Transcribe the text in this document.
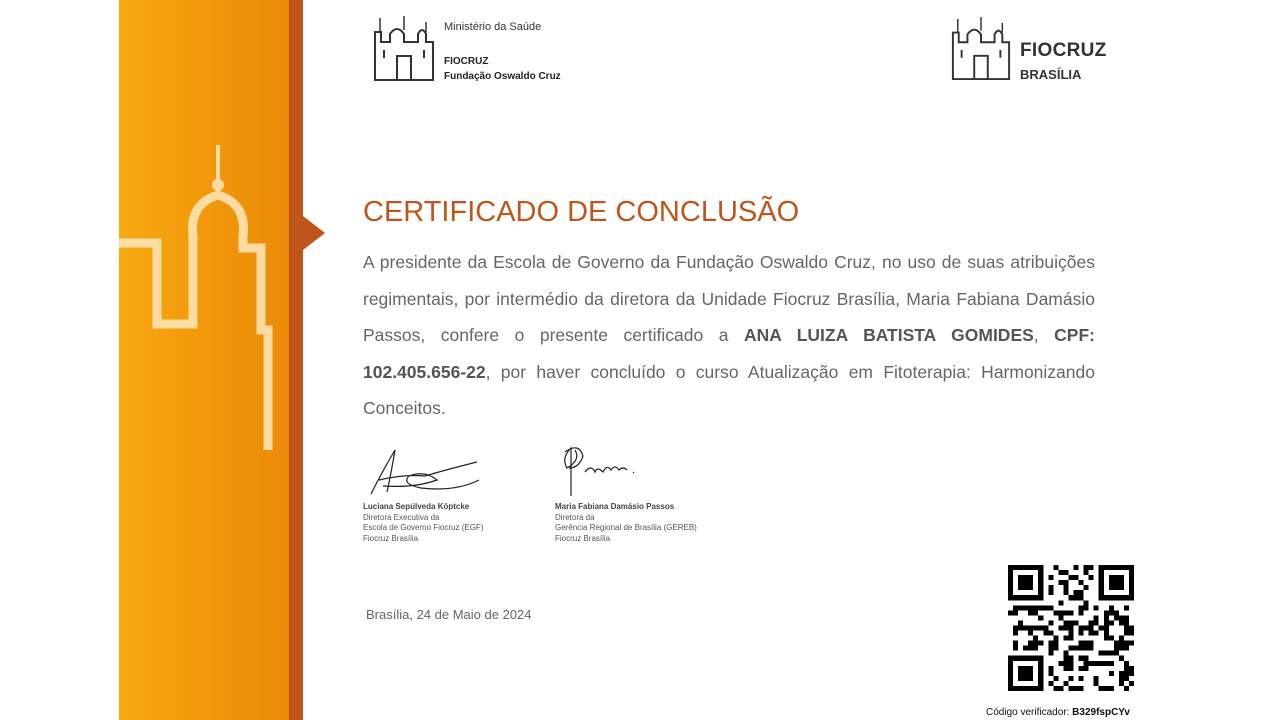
Ministério da Saúde
FIOCRUZ
Fundação Oswaldo Cruz
FIOCRUZ
BRASÍLIA
CERTIFICADO DE CONCLUSÃO

A presidente da Escola de Governo da Fundação Oswaldo Cruz, no uso de suas atribuições regimentais, por intermédio da diretora da Unidade Fiocruz Brasília, Maria Fabiana Damásio Passos, confere o presente certificado a ANA LUIZA BATISTA GOMIDES, CPF: 102.405.656-22, por haver concluído o curso Atualização em Fitoterapia: Harmonizando Conceitos.

Luciana Sepúlveda Köptcke
Diretora Executiva da
Escola de Governo Fiocruz (EGF)
Fiocruz Brasília
Maria Fabiana Damásio Passos
Diretora da
Gerência Regional de Brasília (GEREB)
Fiocruz Brasília
Brasília, 24 de Maio de 2024
Código verificador: B329fspCYv
